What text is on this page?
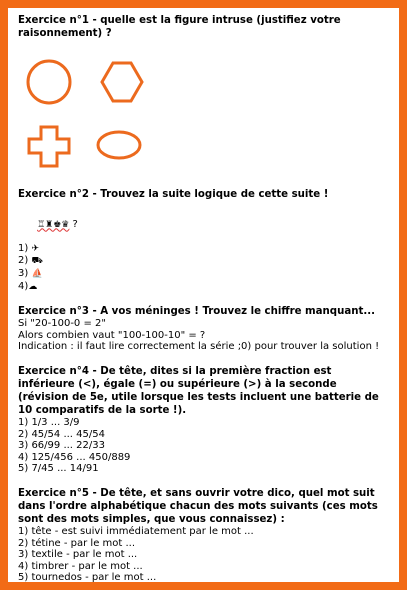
Exercice n°1 - quelle est la figure intruse (justifiez votre raisonnement) ?
Exercice n°2 - Trouvez la suite logique de cette suite !

♖♜♚♛ ?

1) ✈
2) ⛟
3) ⛵
4)☁
Exercice n°3 - A vos méninges ! Trouvez le chiffre manquant...
Si "20-100-0 = 2"
Alors combien vaut "100-100-10" = ?
Indication : il faut lire correctement la série ;0) pour trouver la solution !
Exercice n°4 - De tête, dites si la première fraction est inférieure (<), égale (=) ou supérieure (>) à la seconde (révision de 5e, utile lorsque les tests incluent une batterie de 10 comparatifs de la sorte !).
1) 1/3 ... 3/9
2) 45/54 ... 45/54
3) 66/99 ... 22/33
4) 125/456 ... 450/889
5) 7/45 ... 14/91
Exercice n°5 - De tête, et sans ouvrir votre dico, quel mot suit dans l'ordre alphabétique chacun des mots suivants (ces mots sont des mots simples, que vous connaissez) :
1) tête - est suivi immédiatement par le mot ...
2) tétine - par le mot ...
3) textile - par le mot ...
4) timbrer - par le mot ...
5) tournedos - par le mot ...
